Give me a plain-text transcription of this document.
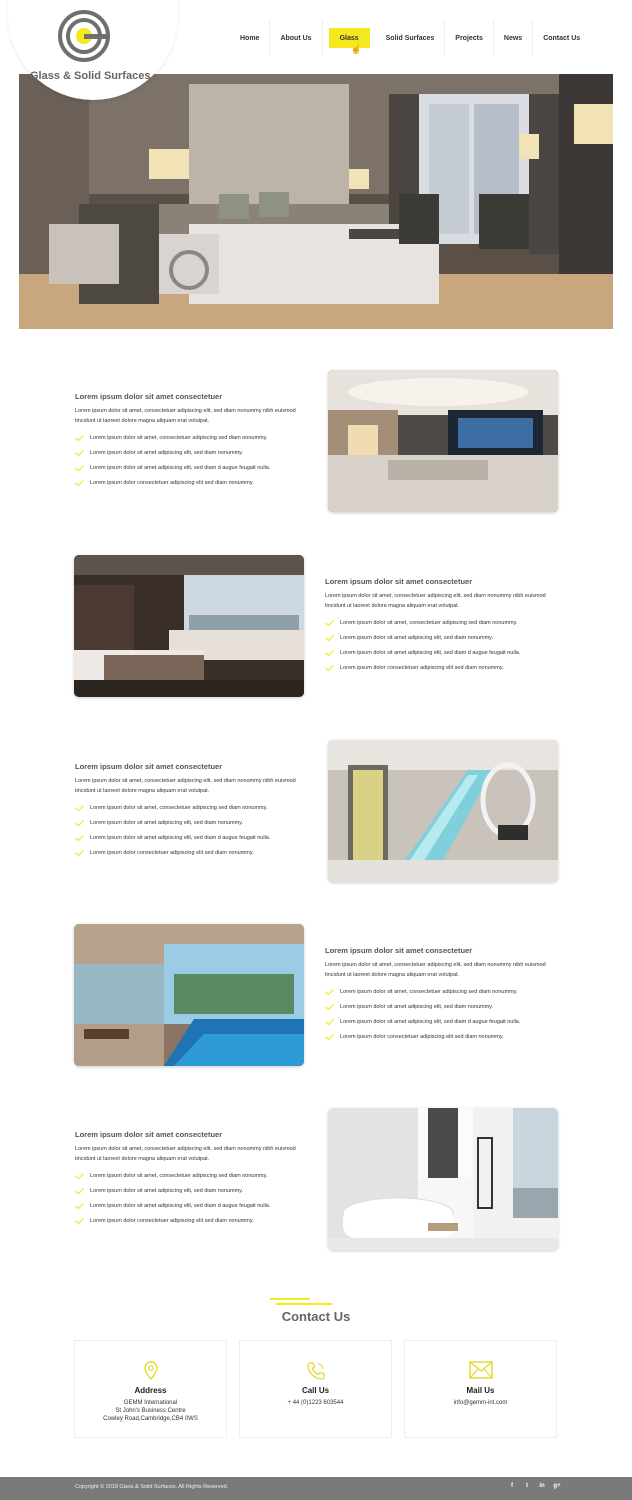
Glass & Solid Surfaces
Home	About Us	Glass
☝
Solid Surfaces	Projects	News	Contact Us
Lorem ipsum dolor sit amet consectetuer
Lorem ipsum dolor sit amet, consectetuer adipiscing elit, sed diam nonummy nibh euismod tincidunt ut laoreet dolore magna aliquam erat volutpat.
Lorem ipsum dolor sit amet, consectetuer adipiscing sed diam nonummy.
Lorem ipsum dolor sit amet adipiscing elit, sed diam nonummy.
Lorem ipsum dolor sit amet adipiscing elit, sed diam d augue feugait nulla.
Lorem ipsum dolor consectetuer adipiscing elit sed diam nonummy.
Lorem ipsum dolor sit amet consectetuer
Lorem ipsum dolor sit amet, consectetuer adipiscing elit, sed diam nonummy nibh euismod tincidunt ut laoreet dolore magna aliquam erat volutpat.
Lorem ipsum dolor sit amet, consectetuer adipiscing sed diam nonummy.
Lorem ipsum dolor sit amet adipiscing elit, sed diam nonummy.
Lorem ipsum dolor sit amet adipiscing elit, sed diam d augue feugait nulla.
Lorem ipsum dolor consectetuer adipiscing elit sed diam nonummy.
Lorem ipsum dolor sit amet consectetuer
Lorem ipsum dolor sit amet, consectetuer adipiscing elit, sed diam nonummy nibh euismod tincidunt ut laoreet dolore magna aliquam erat volutpat.
Lorem ipsum dolor sit amet, consectetuer adipiscing sed diam nonummy.
Lorem ipsum dolor sit amet adipiscing elit, sed diam nonummy.
Lorem ipsum dolor sit amet adipiscing elit, sed diam d augue feugait nulla.
Lorem ipsum dolor consectetuer adipiscing elit sed diam nonummy.
Lorem ipsum dolor sit amet consectetuer
Lorem ipsum dolor sit amet, consectetuer adipiscing elit, sed diam nonummy nibh euismod tincidunt ut laoreet dolore magna aliquam erat volutpat.
Lorem ipsum dolor sit amet, consectetuer adipiscing sed diam nonummy.
Lorem ipsum dolor sit amet adipiscing elit, sed diam nonummy.
Lorem ipsum dolor sit amet adipiscing elit, sed diam d augue feugait nulla.
Lorem ipsum dolor consectetuer adipiscing elit sed diam nonummy.
Lorem ipsum dolor sit amet consectetuer
Lorem ipsum dolor sit amet, consectetuer adipiscing elit, sed diam nonummy nibh euismod tincidunt ut laoreet dolore magna aliquam erat volutpat.
Lorem ipsum dolor sit amet, consectetuer adipiscing sed diam nonummy.
Lorem ipsum dolor sit amet adipiscing elit, sed diam nonummy.
Lorem ipsum dolor sit amet adipiscing elit, sed diam d augue feugait nulla.
Lorem ipsum dolor consectetuer adipiscing elit sed diam nonummy.
Contact Us
Address
GEMM International
St John's Business Centre
Cowley Road,Cambridge,CB4 0WS
Call Us
+ 44 (0)1223 603544
Mail Us
info@gemm-int.com
Copyright © 2018 Glass & Solid Surfaces. All Rights Reserved.	f	t	in g+
